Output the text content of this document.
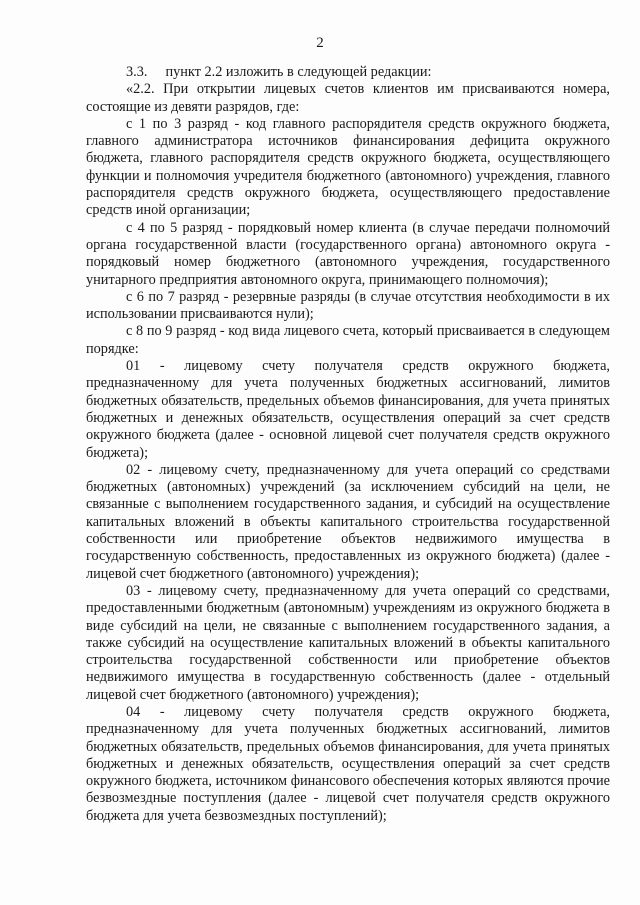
2

3.3. пункт 2.2 изложить в следующей редакции:

«2.2. При открытии лицевых счетов клиентов им присваиваются номера, состоящие из девяти разрядов, где:

с 1 по 3 разряд - код главного распорядителя средств окружного бюджета, главного администратора источников финансирования дефицита окружного бюджета, главного распорядителя средств окружного бюджета, осуществляющего функции и полномочия учредителя бюджетного (автономного) учреждения, главного распорядителя средств окружного бюджета, осуществляющего предоставление средств иной организации;

с 4 по 5 разряд - порядковый номер клиента (в случае передачи полномочий органа государственной власти (государственного органа) автономного округа - порядковый номер бюджетного (автономного учреждения, государственного унитарного предприятия автономного округа, принимающего полномочия);

с 6 по 7 разряд - резервные разряды (в случае отсутствия необходимости в их использовании присваиваются нули);

с 8 по 9 разряд - код вида лицевого счета, который присваивается в следующем порядке:

01 - лицевому счету получателя средств окружного бюджета, предназначенному для учета полученных бюджетных ассигнований, лимитов бюджетных обязательств, предельных объемов финансирования, для учета принятых бюджетных и денежных обязательств, осуществления операций за счет средств окружного бюджета (далее - основной лицевой счет получателя средств окружного бюджета);

02 - лицевому счету, предназначенному для учета операций со средствами бюджетных (автономных) учреждений (за исключением субсидий на цели, не связанные с выполнением государственного задания, и субсидий на осуществление капитальных вложений в объекты капитального строительства государственной собственности или приобретение объектов недвижимого имущества в государственную собственность, предоставленных из окружного бюджета) (далее - лицевой счет бюджетного (автономного) учреждения);

03 - лицевому счету, предназначенному для учета операций со средствами, предоставленными бюджетным (автономным) учреждениям из окружного бюджета в виде субсидий на цели, не связанные с выполнением государственного задания, а также субсидий на осуществление капитальных вложений в объекты капитального строительства государственной собственности или приобретение объектов недвижимого имущества в государственную собственность (далее - отдельный лицевой счет бюджетного (автономного) учреждения);

04 - лицевому счету получателя средств окружного бюджета, предназначенному для учета полученных бюджетных ассигнований, лимитов бюджетных обязательств, предельных объемов финансирования, для учета принятых бюджетных и денежных обязательств, осуществления операций за счет средств окружного бюджета, источником финансового обеспечения которых являются прочие безвозмездные поступления (далее - лицевой счет получателя средств окружного бюджета для учета безвозмездных поступлений);
